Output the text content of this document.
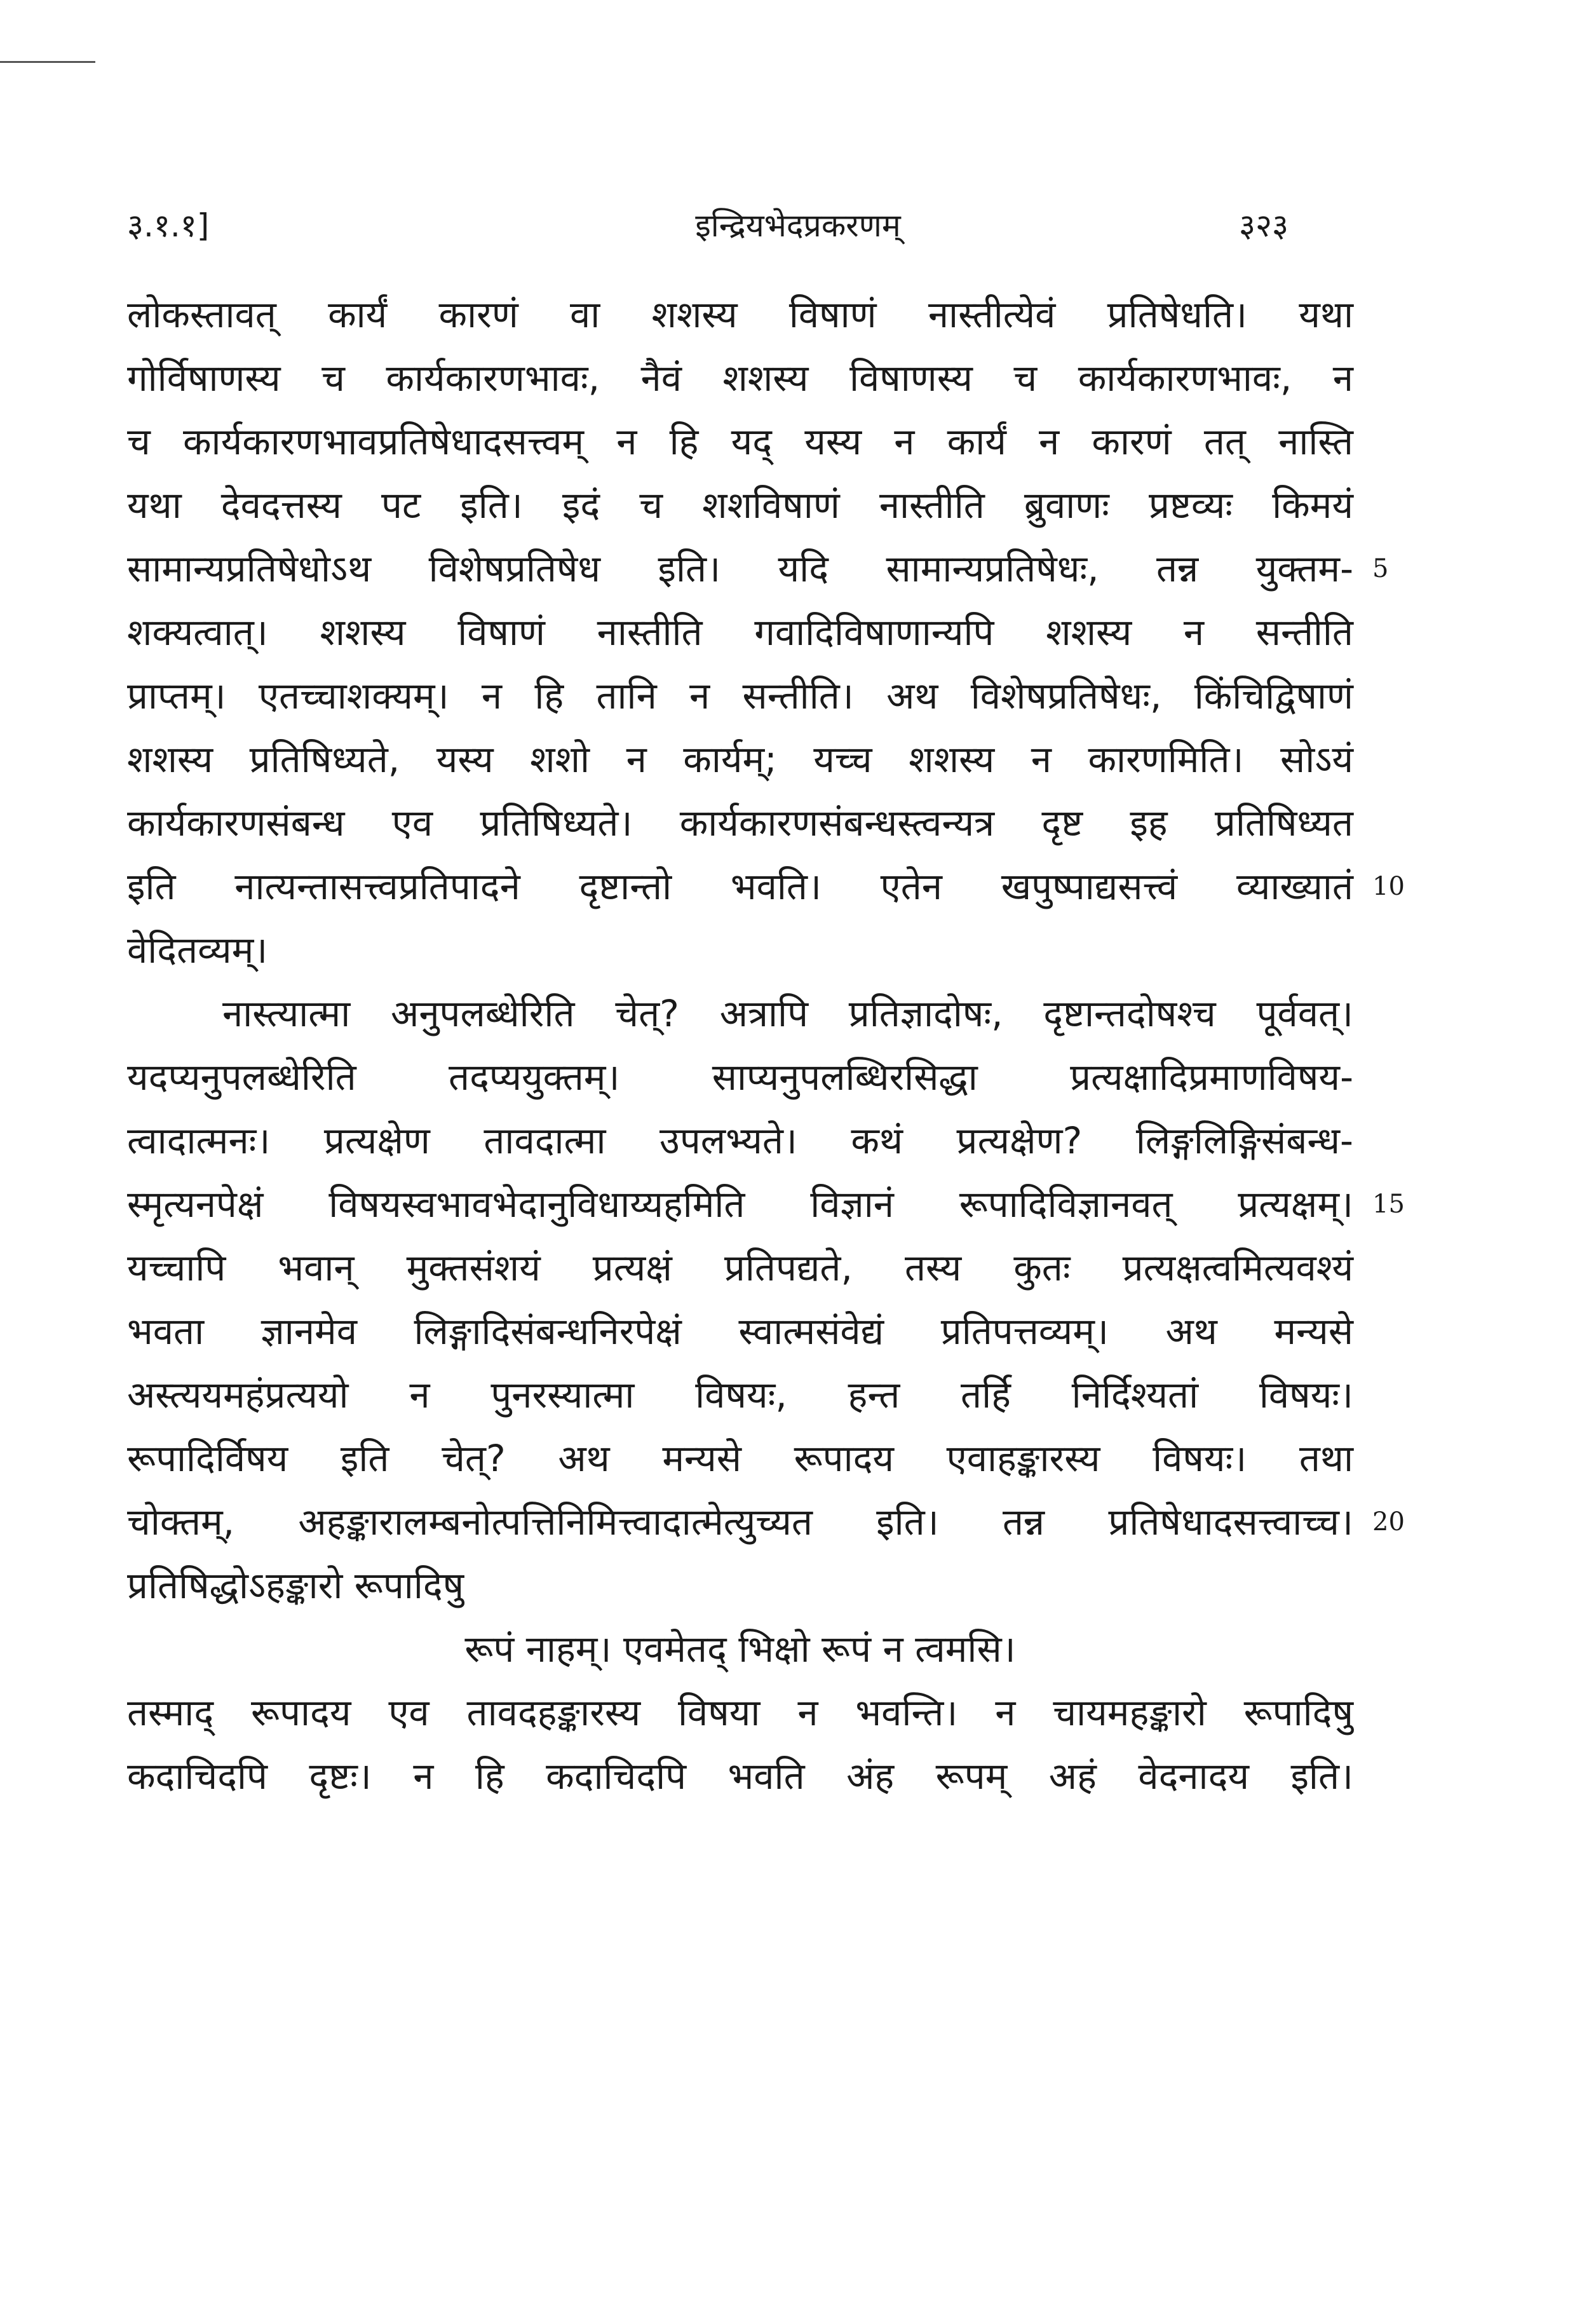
३.१.१]	इन्द्रियभेदप्रकरणम्	३२३
लोकस्तावत् कार्यं कारणं वा शशस्य विषाणं नास्तीत्येवं प्रतिषेधति। यथा
गोर्विषाणस्य च कार्यकारणभावः, नैवं शशस्य विषाणस्य च कार्यकारणभावः, न
च कार्यकारणभावप्रतिषेधादसत्त्वम् न हि यद् यस्य न कार्यं न कारणं तत् नास्ति
यथा देवदत्तस्य पट इति। इदं च शशविषाणं नास्तीति ब्रुवाणः प्रष्टव्यः किमयं
सामान्यप्रतिषेधोऽथ विशेषप्रतिषेध इति। यदि सामान्यप्रतिषेधः, तन्न युक्तम-
शक्यत्वात्। शशस्य विषाणं नास्तीति गवादिविषाणान्यपि शशस्य न सन्तीति
प्राप्तम्। एतच्चाशक्यम्। न हि तानि न सन्तीति। अथ विशेषप्रतिषेधः, किंचिद्विषाणं
शशस्य प्रतिषिध्यते, यस्य शशो न कार्यम्; यच्च शशस्य न कारणमिति। सोऽयं
कार्यकारणसंबन्ध एव प्रतिषिध्यते। कार्यकारणसंबन्धस्त्वन्यत्र दृष्ट इह प्रतिषिध्यत
इति नात्यन्तासत्त्वप्रतिपादने दृष्टान्तो भवति। एतेन खपुष्पाद्यसत्त्वं व्याख्यातं
वेदितव्यम्।
नास्त्यात्मा अनुपलब्धेरिति चेत्? अत्रापि प्रतिज्ञादोषः, दृष्टान्तदोषश्च पूर्ववत्।
यदप्यनुपलब्धेरिति तदप्ययुक्तम्। साप्यनुपलब्धिरसिद्धा प्रत्यक्षादिप्रमाणविषय-
त्वादात्मनः। प्रत्यक्षेण तावदात्मा उपलभ्यते। कथं प्रत्यक्षेण? लिङ्गलिङ्गिसंबन्ध-
स्मृत्यनपेक्षं विषयस्वभावभेदानुविधाय्यहमिति विज्ञानं रूपादिविज्ञानवत् प्रत्यक्षम्।
यच्चापि भवान् मुक्तसंशयं प्रत्यक्षं प्रतिपद्यते, तस्य कुतः प्रत्यक्षत्वमित्यवश्यं
भवता ज्ञानमेव लिङ्गादिसंबन्धनिरपेक्षं स्वात्मसंवेद्यं प्रतिपत्तव्यम्। अथ मन्यसे
अस्त्ययमहंप्रत्ययो न पुनरस्यात्मा विषयः, हन्त तर्हि निर्दिश्यतां विषयः।
रूपादिर्विषय इति चेत्? अथ मन्यसे रूपादय एवाहङ्कारस्य विषयः। तथा
चोक्तम्, अहङ्कारालम्बनोत्पत्तिनिमित्त्वादात्मेत्युच्यत इति। तन्न प्रतिषेधादसत्त्वाच्च।
प्रतिषिद्धोऽहङ्कारो रूपादिषु
रूपं नाहम्। एवमेतद् भिक्षो रूपं न त्वमसि।
तस्माद् रूपादय एव तावदहङ्कारस्य विषया न भवन्ति। न चायमहङ्कारो रूपादिषु
कदाचिदपि दृष्टः। न हि कदाचिदपि भवति अंह रूपम् अहं वेदनादय इति।
5
10
15
20
